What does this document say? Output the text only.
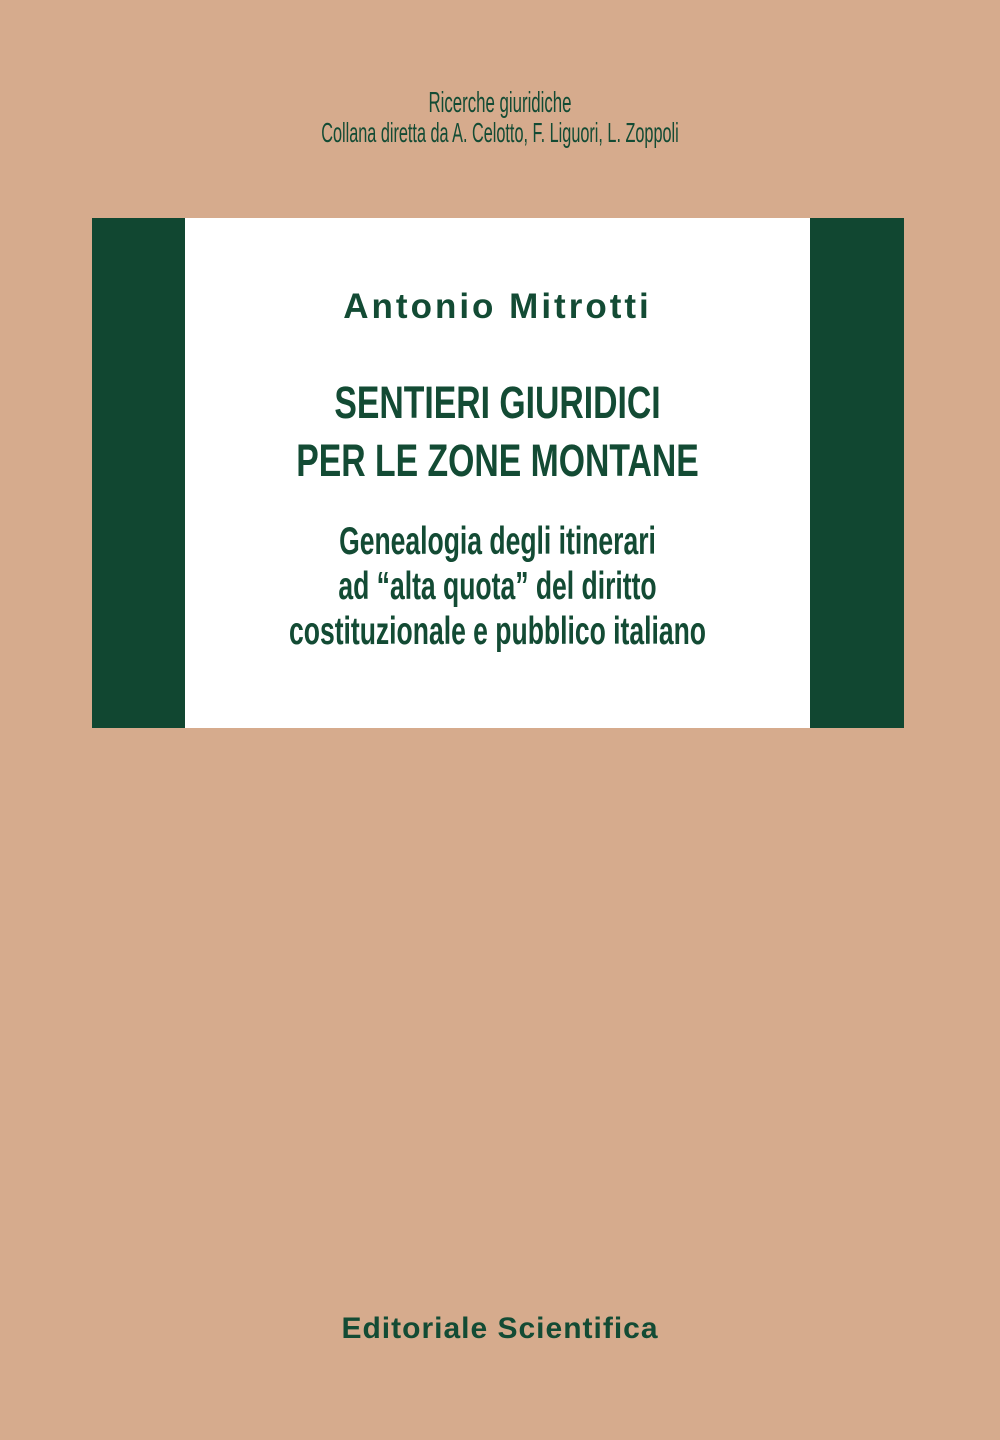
Ricerche giuridiche
Collana diretta da A. Celotto, F. Liguori, L. Zoppoli
Antonio Mitrotti
SENTIERI GIURIDICI
PER LE ZONE MONTANE
Genealogia degli itinerari
ad “alta quota” del diritto
costituzionale e pubblico italiano
Editoriale Scientifica
